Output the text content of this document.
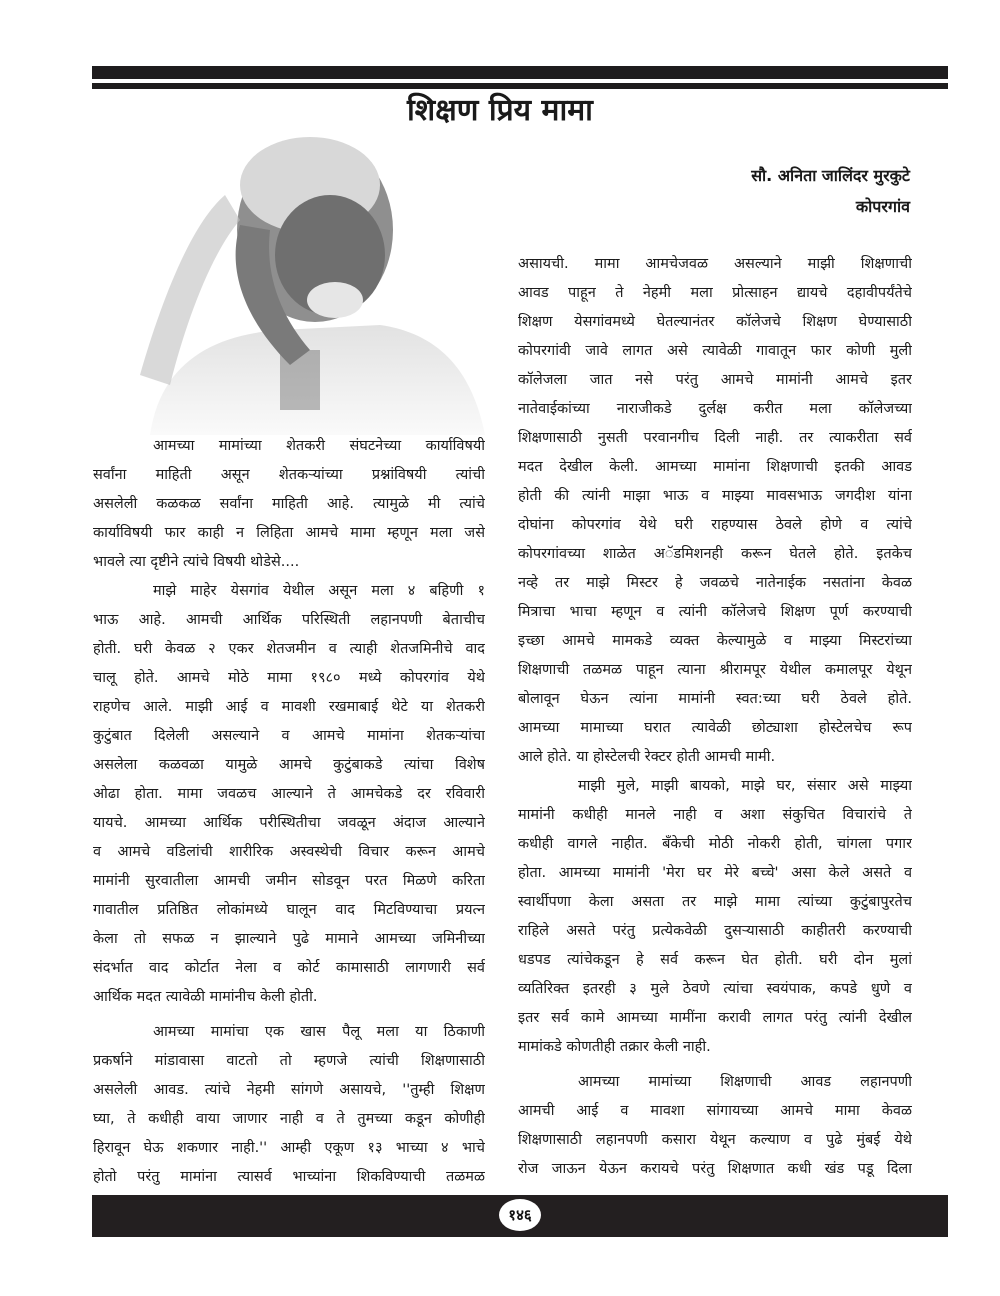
शिक्षण प्रिय मामा
सौ. अनिता जालिंदर मुरकुटे
कोपरगांव
आमच्या मामांच्या शेतकरी संघटनेच्या कार्याविषयी
सर्वांना माहिती असून शेतकऱ्यांच्या प्रश्नांविषयी त्यांची
असलेली कळकळ सर्वांना माहिती आहे. त्यामुळे मी त्यांचे
कार्याविषयी फार काही न लिहिता आमचे मामा म्हणून मला जसे
भावले त्या दृष्टीने त्यांचे विषयी थोडेसे....
माझे माहेर येसगांव येथील असून मला ४ बहिणी १
भाऊ आहे. आमची आर्थिक परिस्थिती लहानपणी बेताचीच
होती. घरी केवळ २ एकर शेतजमीन व त्याही शेतजमिनीचे वाद
चालू होते. आमचे मोठे मामा १९८० मध्ये कोपरगांव येथे
राहणेच आले. माझी आई व मावशी रखमाबाई थेटे या शेतकरी
कुटुंबात दिलेली असल्याने व आमचे मामांना शेतकऱ्यांचा
असलेला कळवळा यामुळे आमचे कुटुंबाकडे त्यांचा विशेष
ओढा होता. मामा जवळच आल्याने ते आमचेकडे दर रविवारी
यायचे. आमच्या आर्थिक परीस्थितीचा जवळून अंदाज आल्याने
व आमचे वडिलांची शारीरिक अस्वस्थेची विचार करून आमचे
मामांनी सुरवातीला आमची जमीन सोडवून परत मिळणे करिता
गावातील प्रतिष्ठित लोकांमध्ये घालून वाद मिटविण्याचा प्रयत्न
केला तो सफळ न झाल्याने पुढे मामाने आमच्या जमिनीच्या
संदर्भात वाद कोर्टात नेला व कोर्ट कामासाठी लागणारी सर्व
आर्थिक मदत त्यावेळी मामांनीच केली होती.
आमच्या मामांचा एक खास पैलू मला या ठिकाणी
प्रकर्षाने मांडावासा वाटतो तो म्हणजे त्यांची शिक्षणासाठी
असलेली आवड. त्यांचे नेहमी सांगणे असायचे, ''तुम्ही शिक्षण
घ्या, ते कधीही वाया जाणार नाही व ते तुमच्या कडून कोणीही
हिरावून घेऊ शकणार नाही.'' आम्ही एकूण १३ भाच्या ४ भाचे
होतो परंतु मामांना त्यासर्व भाच्यांना शिकविण्याची तळमळ
असायची. मामा आमचेजवळ असल्याने माझी शिक्षणाची
आवड पाहून ते नेहमी मला प्रोत्साहन द्यायचे दहावीपर्यंतेचे
शिक्षण येसगांवमध्ये घेतल्यानंतर कॉलेजचे शिक्षण घेण्यासाठी
कोपरगांवी जावे लागत असे त्यावेळी गावातून फार कोणी मुली
कॉलेजला जात नसे परंतु आमचे मामांनी आमचे इतर
नातेवाईकांच्या नाराजीकडे दुर्लक्ष करीत मला कॉलेजच्या
शिक्षणासाठी नुसती परवानगीच दिली नाही. तर त्याकरीता सर्व
मदत देखील केली. आमच्या मामांना शिक्षणाची इतकी आवड
होती की त्यांनी माझा भाऊ व माझ्या मावसभाऊ जगदीश यांना
दोघांना कोपरगांव येथे घरी राहण्यास ठेवले होणे व त्यांचे
कोपरगांवच्या शाळेत अॅडमिशनही करून घेतले होते. इतकेच
नव्हे तर माझे मिस्टर हे जवळचे नातेनाईक नसतांना केवळ
मित्राचा भाचा म्हणून व त्यांनी कॉलेजचे शिक्षण पूर्ण करण्याची
इच्छा आमचे मामकडे व्यक्त केल्यामुळे व माझ्या मिस्टरांच्या
शिक्षणाची तळमळ पाहून त्याना श्रीरामपूर येथील कमालपूर येथून
बोलावून घेऊन त्यांना मामांनी स्वत:च्या घरी ठेवले होते.
आमच्या मामाच्या घरात त्यावेळी छोट्याशा होस्टेलचेच रूप
आले होते. या होस्टेलची रेक्टर होती आमची मामी.
माझी मुले, माझी बायको, माझे घर, संसार असे माझ्या
मामांनी कधीही मानले नाही व अशा संकुचित विचारांचे ते
कधीही वागले नाहीत. बँकेची मोठी नोकरी होती, चांगला पगार
होता. आमच्या मामांनी 'मेरा घर मेरे बच्चे' असा केले असते व
स्वार्थीपणा केला असता तर माझे मामा त्यांच्या कुटुंबापुरतेच
राहिले असते परंतु प्रत्येकवेळी दुसऱ्यासाठी काहीतरी करण्याची
धडपड त्यांचेकडून हे सर्व करून घेत होती. घरी दोन मुलां
व्यतिरिक्त इतरही ३ मुले ठेवणे त्यांचा स्वयंपाक, कपडे धुणे व
इतर सर्व कामे आमच्या मामींना करावी लागत परंतु त्यांनी देखील
मामांकडे कोणतीही तक्रार केली नाही.
आमच्या मामांच्या शिक्षणाची आवड लहानपणी
आमची आई व मावशा सांगायच्या आमचे मामा केवळ
शिक्षणासाठी लहानपणी कसारा येथून कल्याण व पुढे मुंबई येथे
रोज जाऊन येऊन करायचे परंतु शिक्षणात कधी खंड पडू दिला
१४६
